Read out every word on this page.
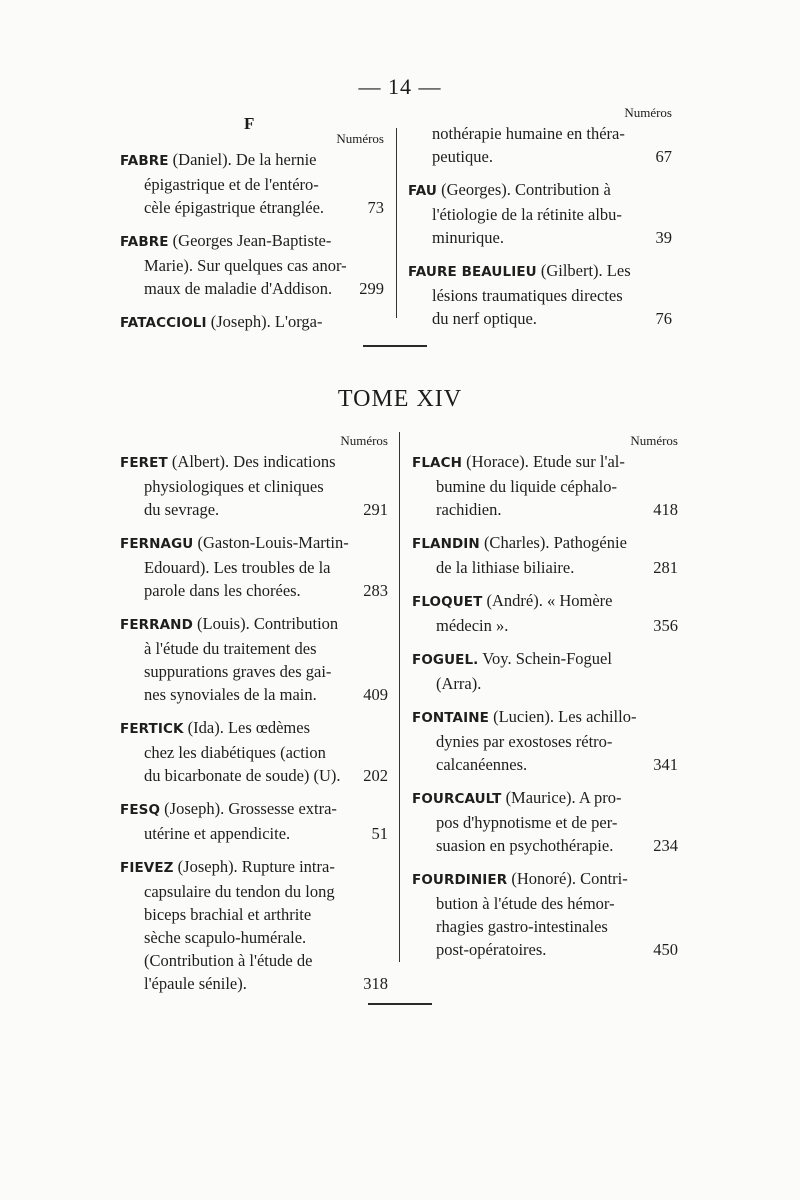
— 14 —
F
Numéros
FABRE (Daniel). De la hernie
épigastrique et de l'entéro-
cèle épigastrique étranglée.	73
FABRE (Georges Jean-Baptiste-
Marie). Sur quelques cas anor-
maux de maladie d'Addison.	299
FATACCIOLI (Joseph). L'orga-
Numéros
nothérapie humaine en théra-
peutique.	67
FAU (Georges). Contribution à
l'étiologie de la rétinite albu-
minurique.	39
FAURE BEAULIEU (Gilbert). Les
lésions traumatiques directes
du nerf optique.	76
TOME XIV
Numéros
FERET (Albert). Des indications
physiologiques et cliniques
du sevrage.	291
FERNAGU (Gaston-Louis-Martin-
Edouard). Les troubles de la
parole dans les chorées.	283
FERRAND (Louis). Contribution
à l'étude du traitement des
suppurations graves des gai-
nes synoviales de la main.	409
FERTICK (Ida). Les œdèmes
chez les diabétiques (action
du bicarbonate de soude) (U).	202
FESQ (Joseph). Grossesse extra-
utérine et appendicite.	51
FIEVEZ (Joseph). Rupture intra-
capsulaire du tendon du long
biceps brachial et arthrite
sèche scapulo-humérale.
(Contribution à l'étude de
l'épaule sénile).	318
Numéros
FLACH (Horace). Etude sur l'al-
bumine du liquide céphalo-
rachidien.	418
FLANDIN (Charles). Pathogénie
de la lithiase biliaire.	281
FLOQUET (André). « Homère
médecin ».	356
FOGUEL. Voy. Schein-Foguel
(Arra).
FONTAINE (Lucien). Les achillo-
dynies par exostoses rétro-
calcanéennes.	341
FOURCAULT (Maurice). A pro-
pos d'hypnotisme et de per-
suasion en psychothérapie.	234
FOURDINIER (Honoré). Contri-
bution à l'étude des hémor-
rhagies gastro-intestinales
post-opératoires.	450
